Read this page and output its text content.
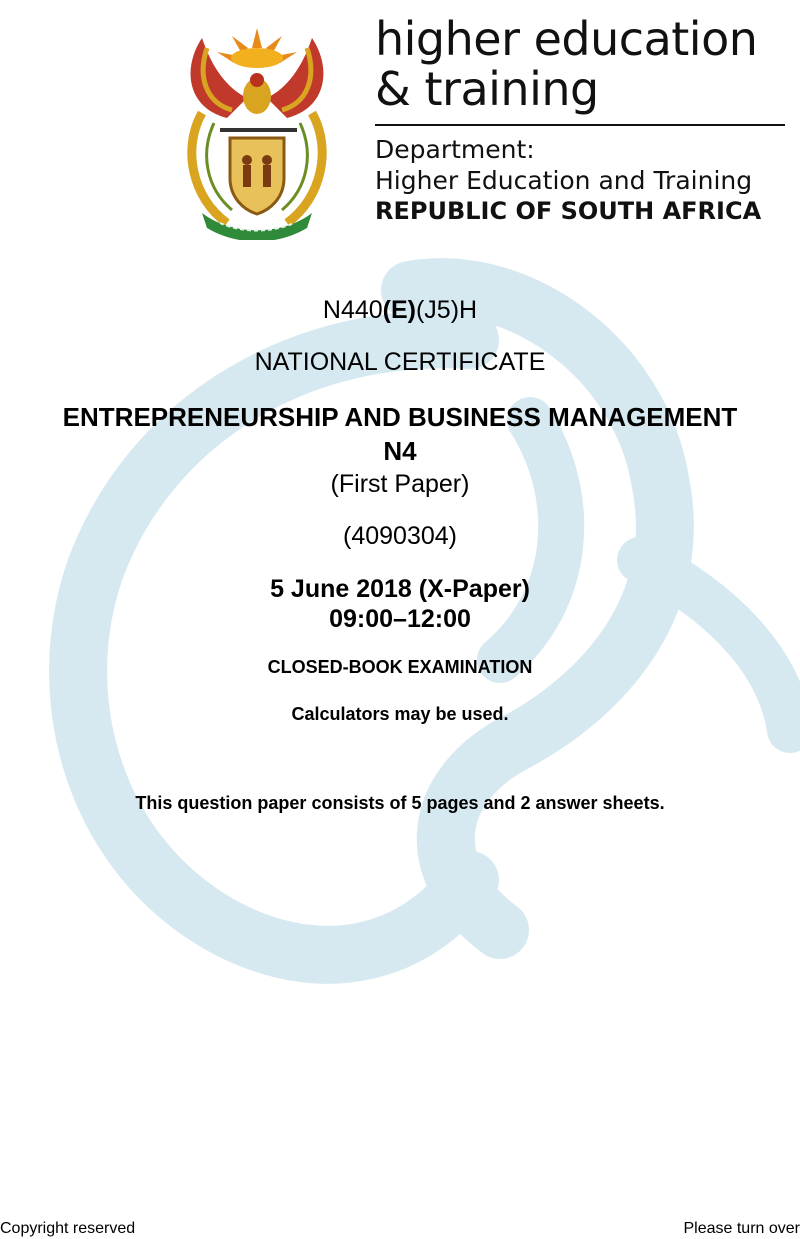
higher education
& training
Department:
Higher Education and Training
REPUBLIC OF SOUTH AFRICA
N440(E)(J5)H
NATIONAL CERTIFICATE
ENTREPRENEURSHIP AND BUSINESS MANAGEMENT
N4
(First Paper)
(4090304)
5 June 2018 (X-Paper)
09:00–12:00
CLOSED-BOOK EXAMINATION
Calculators may be used.
This question paper consists of 5 pages and 2 answer sheets.
Copyright reserved	Please turn over
